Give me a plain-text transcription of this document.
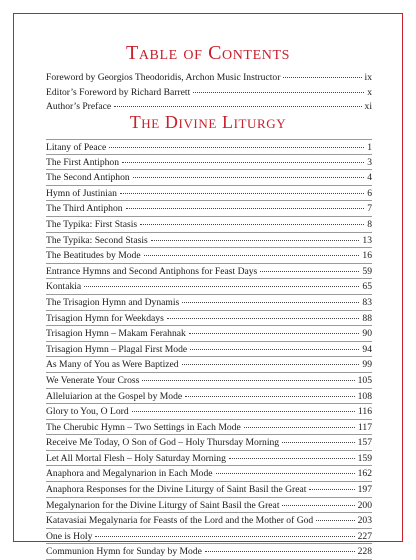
Table of Contents
Foreword by Georgios Theodoridis, Archon Music Instructor	ix
Editor’s Foreword by Richard Barrett	x
Author’s Preface	xi
The Divine Liturgy
Litany of Peace	1
The First Antiphon	3
The Second Antiphon	4
Hymn of Justinian	6
The Third Antiphon	7
The Typika: First Stasis	8
The Typika: Second Stasis	13
The Beatitudes by Mode	16
Entrance Hymns and Second Antiphons for Feast Days	59
Kontakia	65
The Trisagion Hymn and Dynamis	83
Trisagion Hymn for Weekdays	88
Trisagion Hymn – Makam Ferahnak	90
Trisagion Hymn – Plagal First Mode	94
As Many of You as Were Baptized	99
We Venerate Your Cross	105
Alleluiarion at the Gospel by Mode	108
Glory to You, O Lord	116
The Cherubic Hymn – Two Settings in Each Mode	117
Receive Me Today, O Son of God – Holy Thursday Morning	157
Let All Mortal Flesh – Holy Saturday Morning	159
Anaphora and Megalynarion in Each Mode	162
Anaphora Responses for the Divine Liturgy of Saint Basil the Great	197
Megalynarion for the Divine Liturgy of Saint Basil the Great	200
Katavasiai Megalynaria for Feasts of the Lord and the Mother of God	203
One is Holy	227
Communion Hymn for Sunday by Mode	228
